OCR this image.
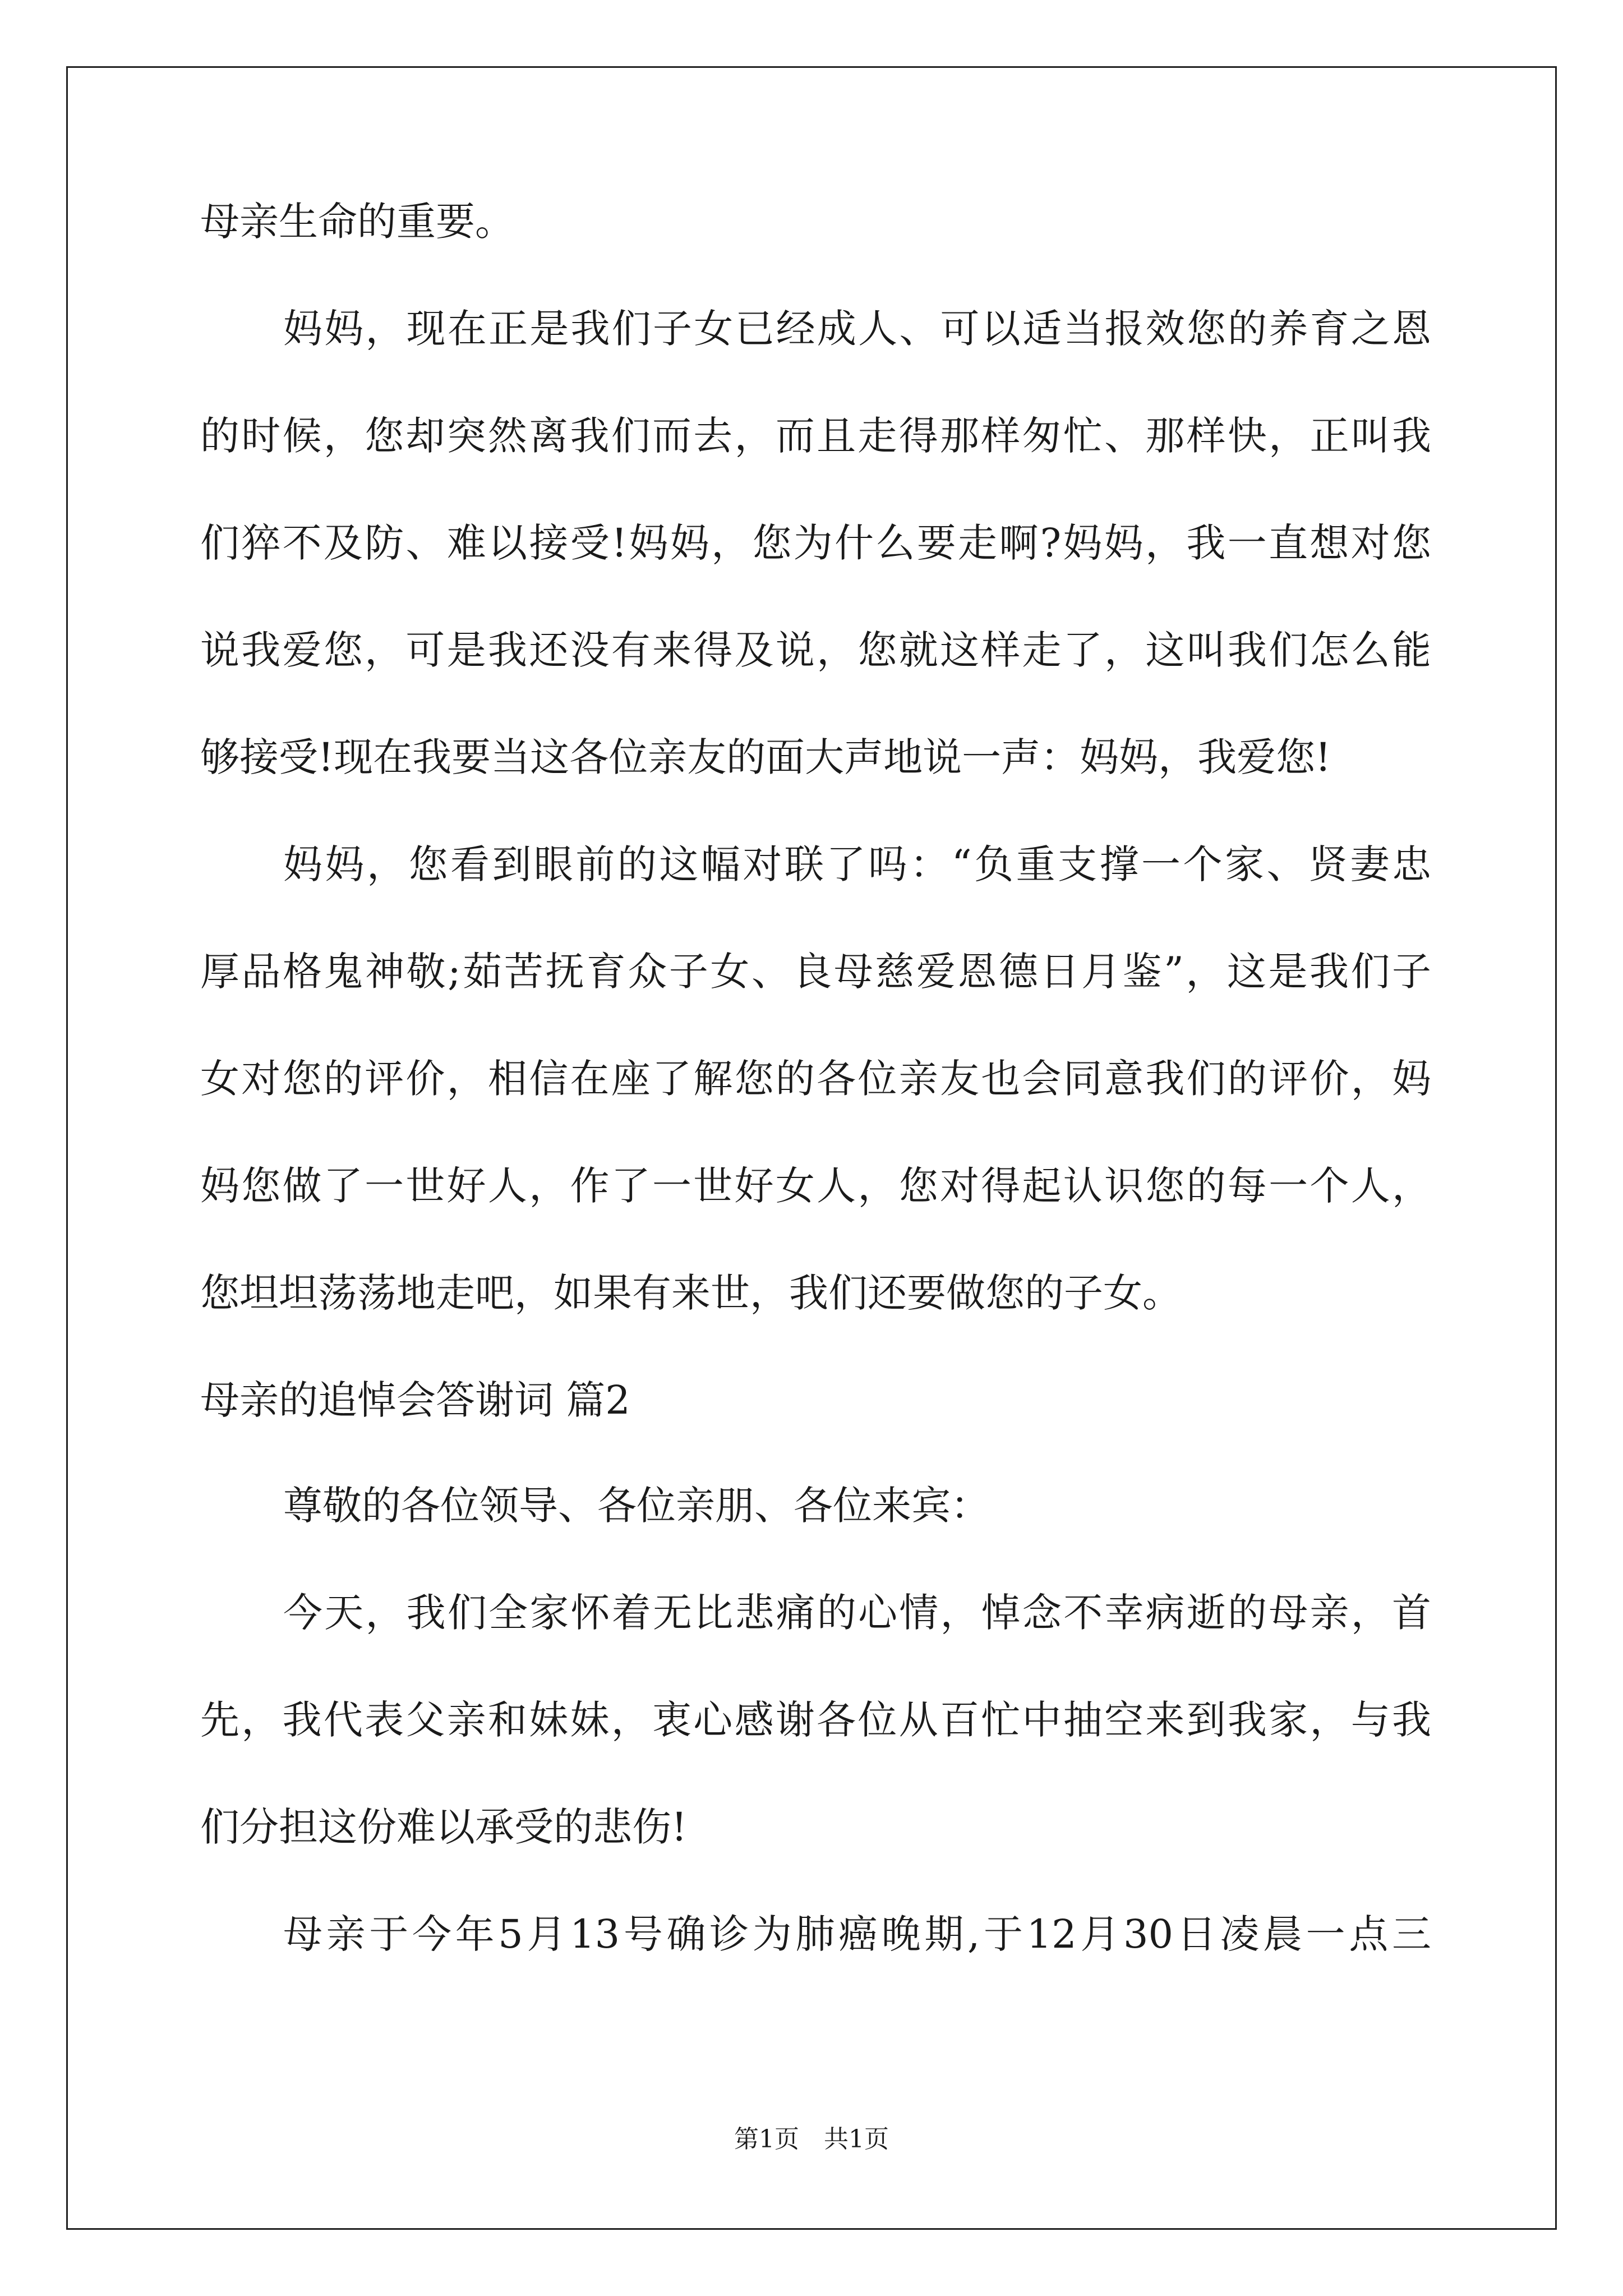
母亲生命的重要。
妈妈，现在正是我们子女已经成人、可以适当报效您的养育之恩
的时候，您却突然离我们而去，而且走得那样匆忙、那样快，正叫我
们猝不及防、难以接受!妈妈，您为什么要走啊?妈妈，我一直想对您
说我爱您，可是我还没有来得及说，您就这样走了，这叫我们怎么能
够接受!现在我要当这各位亲友的面大声地说一声：妈妈，我爱您!
妈妈，您看到眼前的这幅对联了吗：“负重支撑一个家、贤妻忠
厚品格鬼神敬;茹苦抚育众子女、良母慈爱恩德日月鉴”，这是我们子
女对您的评价，相信在座了解您的各位亲友也会同意我们的评价，妈
妈您做了一世好人，作了一世好女人，您对得起认识您的每一个人，
您坦坦荡荡地走吧，如果有来世，我们还要做您的子女。
母亲的追悼会答谢词 篇2
尊敬的各位领导、各位亲朋、各位来宾：
今天，我们全家怀着无比悲痛的心情，悼念不幸病逝的母亲，首
先，我代表父亲和妹妹，衷心感谢各位从百忙中抽空来到我家，与我
们分担这份难以承受的悲伤!
母亲于今年5月13号确诊为肺癌晚期,于12月30日凌晨一点三
第1页　共1页
